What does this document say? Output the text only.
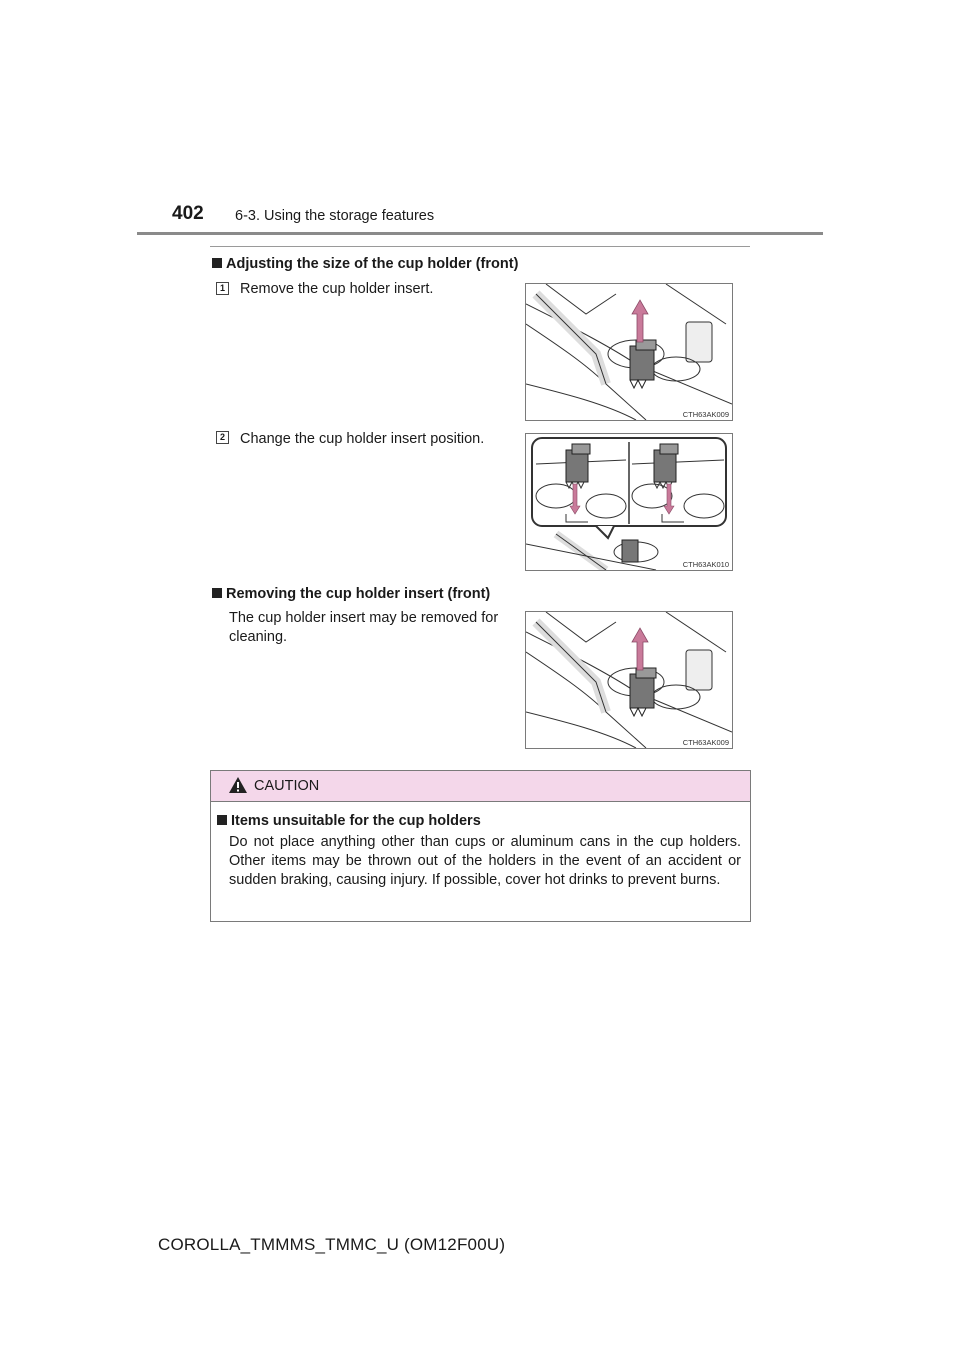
402 6-3. Using the storage features
Adjusting the size of the cup holder (front)
1 Remove the cup holder insert.
CTH63AK009
2 Change the cup holder insert position.
CTH63AK010
Removing the cup holder insert (front)
The cup holder insert may be removed for cleaning.
CTH63AK009
CAUTION
Items unsuitable for the cup holders
Do not place anything other than cups or aluminum cans in the cup holders. Other items may be thrown out of the holders in the event of an accident or sudden braking, causing injury. If possible, cover hot drinks to prevent burns.
COROLLA_TMMMS_TMMC_U (OM12F00U)
